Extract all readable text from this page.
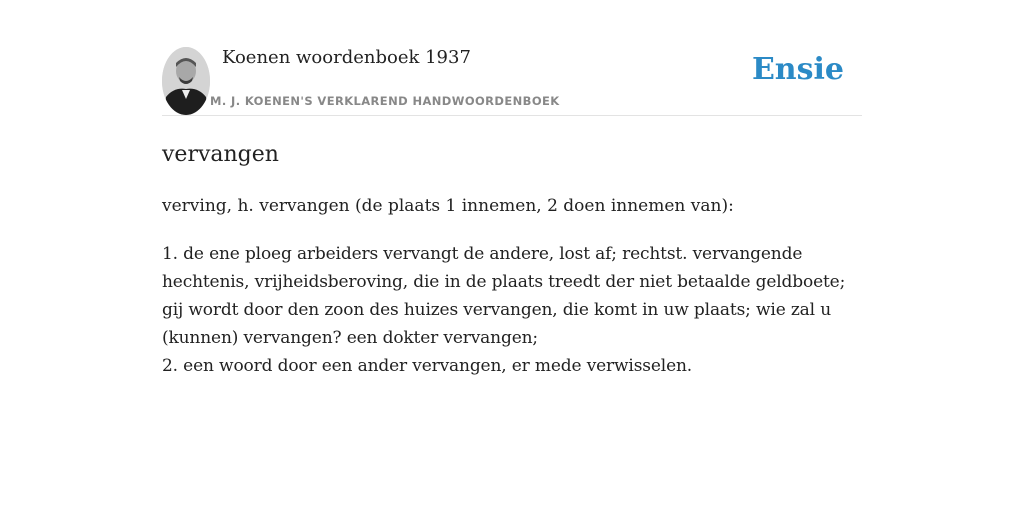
Koenen woordenboek 1937
M. J. KOENEN'S VERKLAREND HANDWOORDENBOEK
Ensie
vervangen

verving, h. vervangen (de plaats 1 innemen, 2 doen innemen van):

1. de ene ploeg arbeiders vervangt de andere, lost af; rechtst. vervangende hechtenis, vrijheidsberoving, die in de plaats treedt der niet betaalde geldboete; gij wordt door den zoon des huizes vervangen, die komt in uw plaats; wie zal u (kunnen) vervangen? een dokter vervangen;
2. een woord door een ander vervangen, er mede verwisselen.
